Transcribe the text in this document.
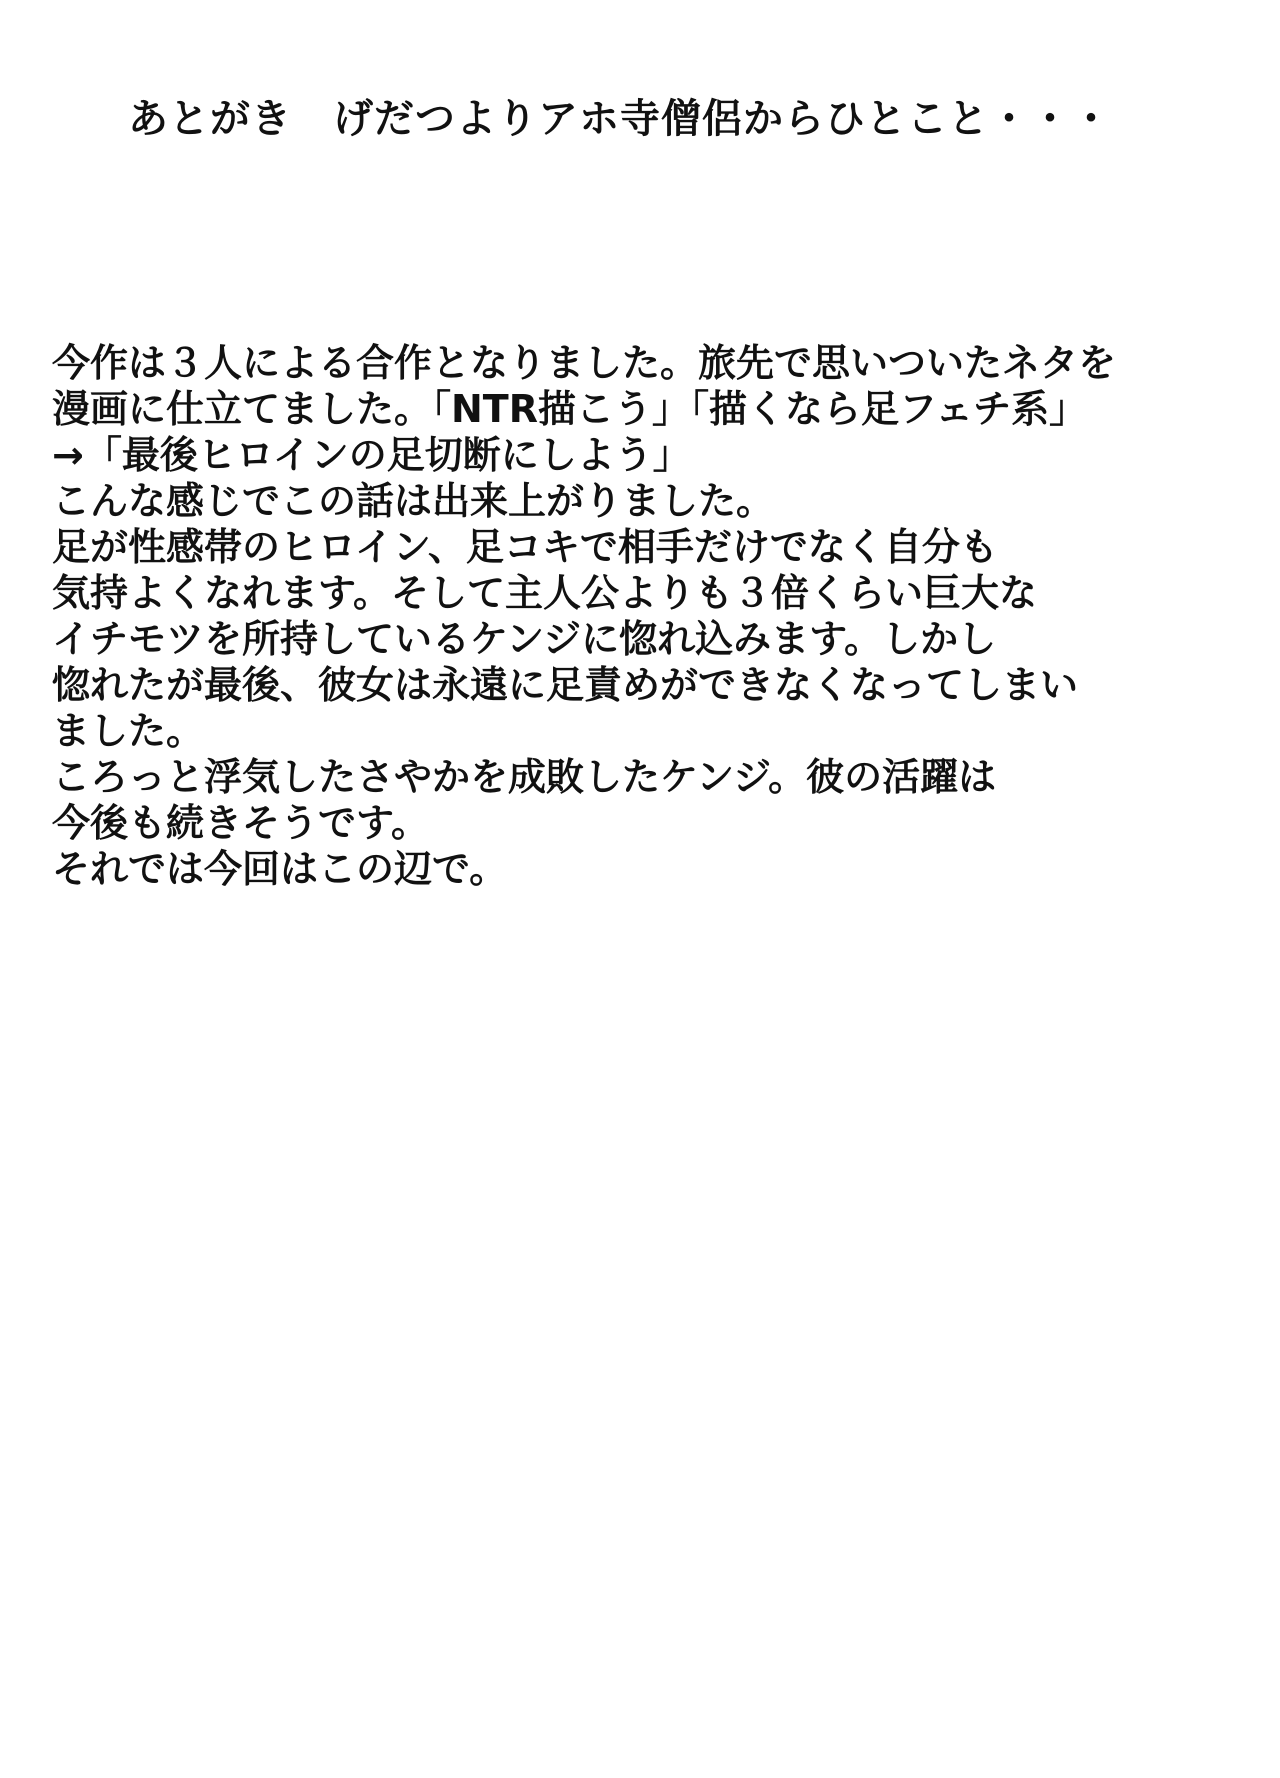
あとがき　げだつよりアホ寺僧侶からひとこと・・・
今作は３人による合作となりました。旅先で思いついたネタを
漫画に仕立てました。「NTR描こう」「描くなら足フェチ系」
→「最後ヒロインの足切断にしよう」
こんな感じでこの話は出来上がりました。
足が性感帯のヒロイン、足コキで相手だけでなく自分も
気持よくなれます。そして主人公よりも３倍くらい巨大な
イチモツを所持しているケンジに惚れ込みます。しかし
惚れたが最後、彼女は永遠に足責めができなくなってしまい
ました。
ころっと浮気したさやかを成敗したケンジ。彼の活躍は
今後も続きそうです。
それでは今回はこの辺で。
